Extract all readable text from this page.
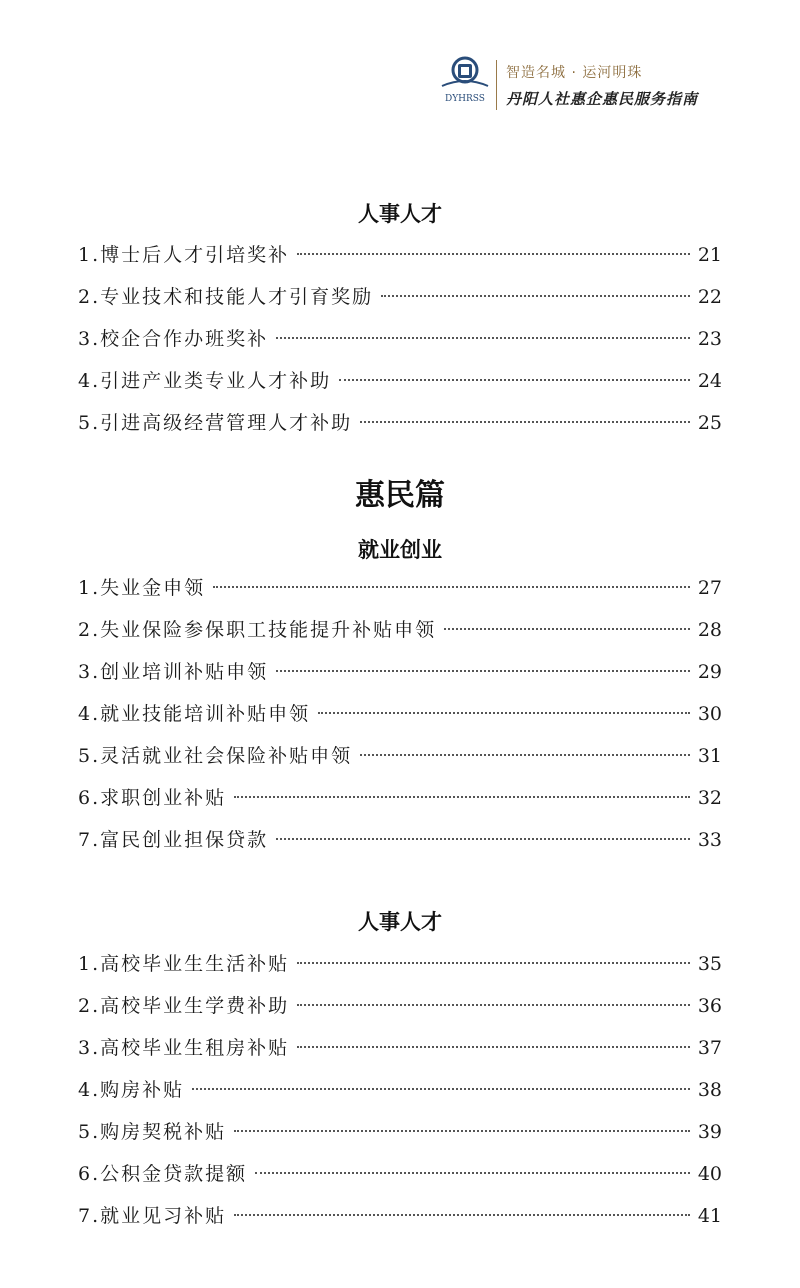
DYHRSS
智造名城 · 运河明珠
丹阳人社惠企惠民服务指南
人事人才
1.博士后人才引培奖补	21
2.专业技术和技能人才引育奖励	22
3.校企合作办班奖补	23
4.引进产业类专业人才补助	24
5.引进高级经营管理人才补助	25
惠民篇
就业创业
1.失业金申领	27
2.失业保险参保职工技能提升补贴申领	28
3.创业培训补贴申领	29
4.就业技能培训补贴申领	30
5.灵活就业社会保险补贴申领	31
6.求职创业补贴	32
7.富民创业担保贷款	33
人事人才
1.高校毕业生生活补贴	35
2.高校毕业生学费补助	36
3.高校毕业生租房补贴	37
4.购房补贴	38
5.购房契税补贴	39
6.公积金贷款提额	40
7.就业见习补贴	41
